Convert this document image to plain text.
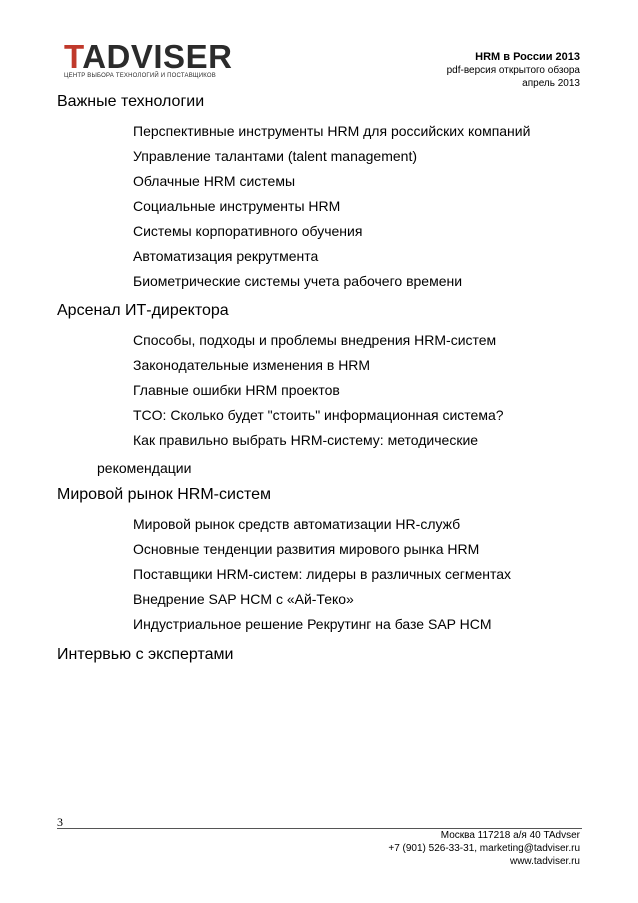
TADVISER
ЦЕНТР ВЫБОРА ТЕХНОЛОГИЙ И ПОСТАВЩИКОВ
HRM в России 2013
pdf-версия открытого обзора
апрель 2013
Важные технологии
Перспективные инструменты HRM для российских компаний
Управление талантами (talent management)
Облачные HRM системы
Социальные инструменты HRM
Системы корпоративного обучения
Автоматизация рекрутмента
Биометрические системы учета рабочего времени
Арсенал ИТ-директора
Способы, подходы и проблемы внедрения HRM-систем
Законодательные изменения в HRM
Главные ошибки HRM проектов
TCO: Сколько будет "стоить" информационная система?
Как правильно выбрать HRM-систему: методические
рекомендации
Мировой рынок HRM-систем
Мировой рынок средств автоматизации HR-служб
Основные тенденции развития мирового рынка HRM
Поставщики HRM-систем: лидеры в различных сегментах
Внедрение SAP HCM с «Ай-Теко»
Индустриальное решение Рекрутинг на базе SAP HCM
Интервью с экспертами
3
Москва 117218 а/я 40 TAdvser
+7 (901) 526-33-31, marketing@tadviser.ru
www.tadviser.ru
